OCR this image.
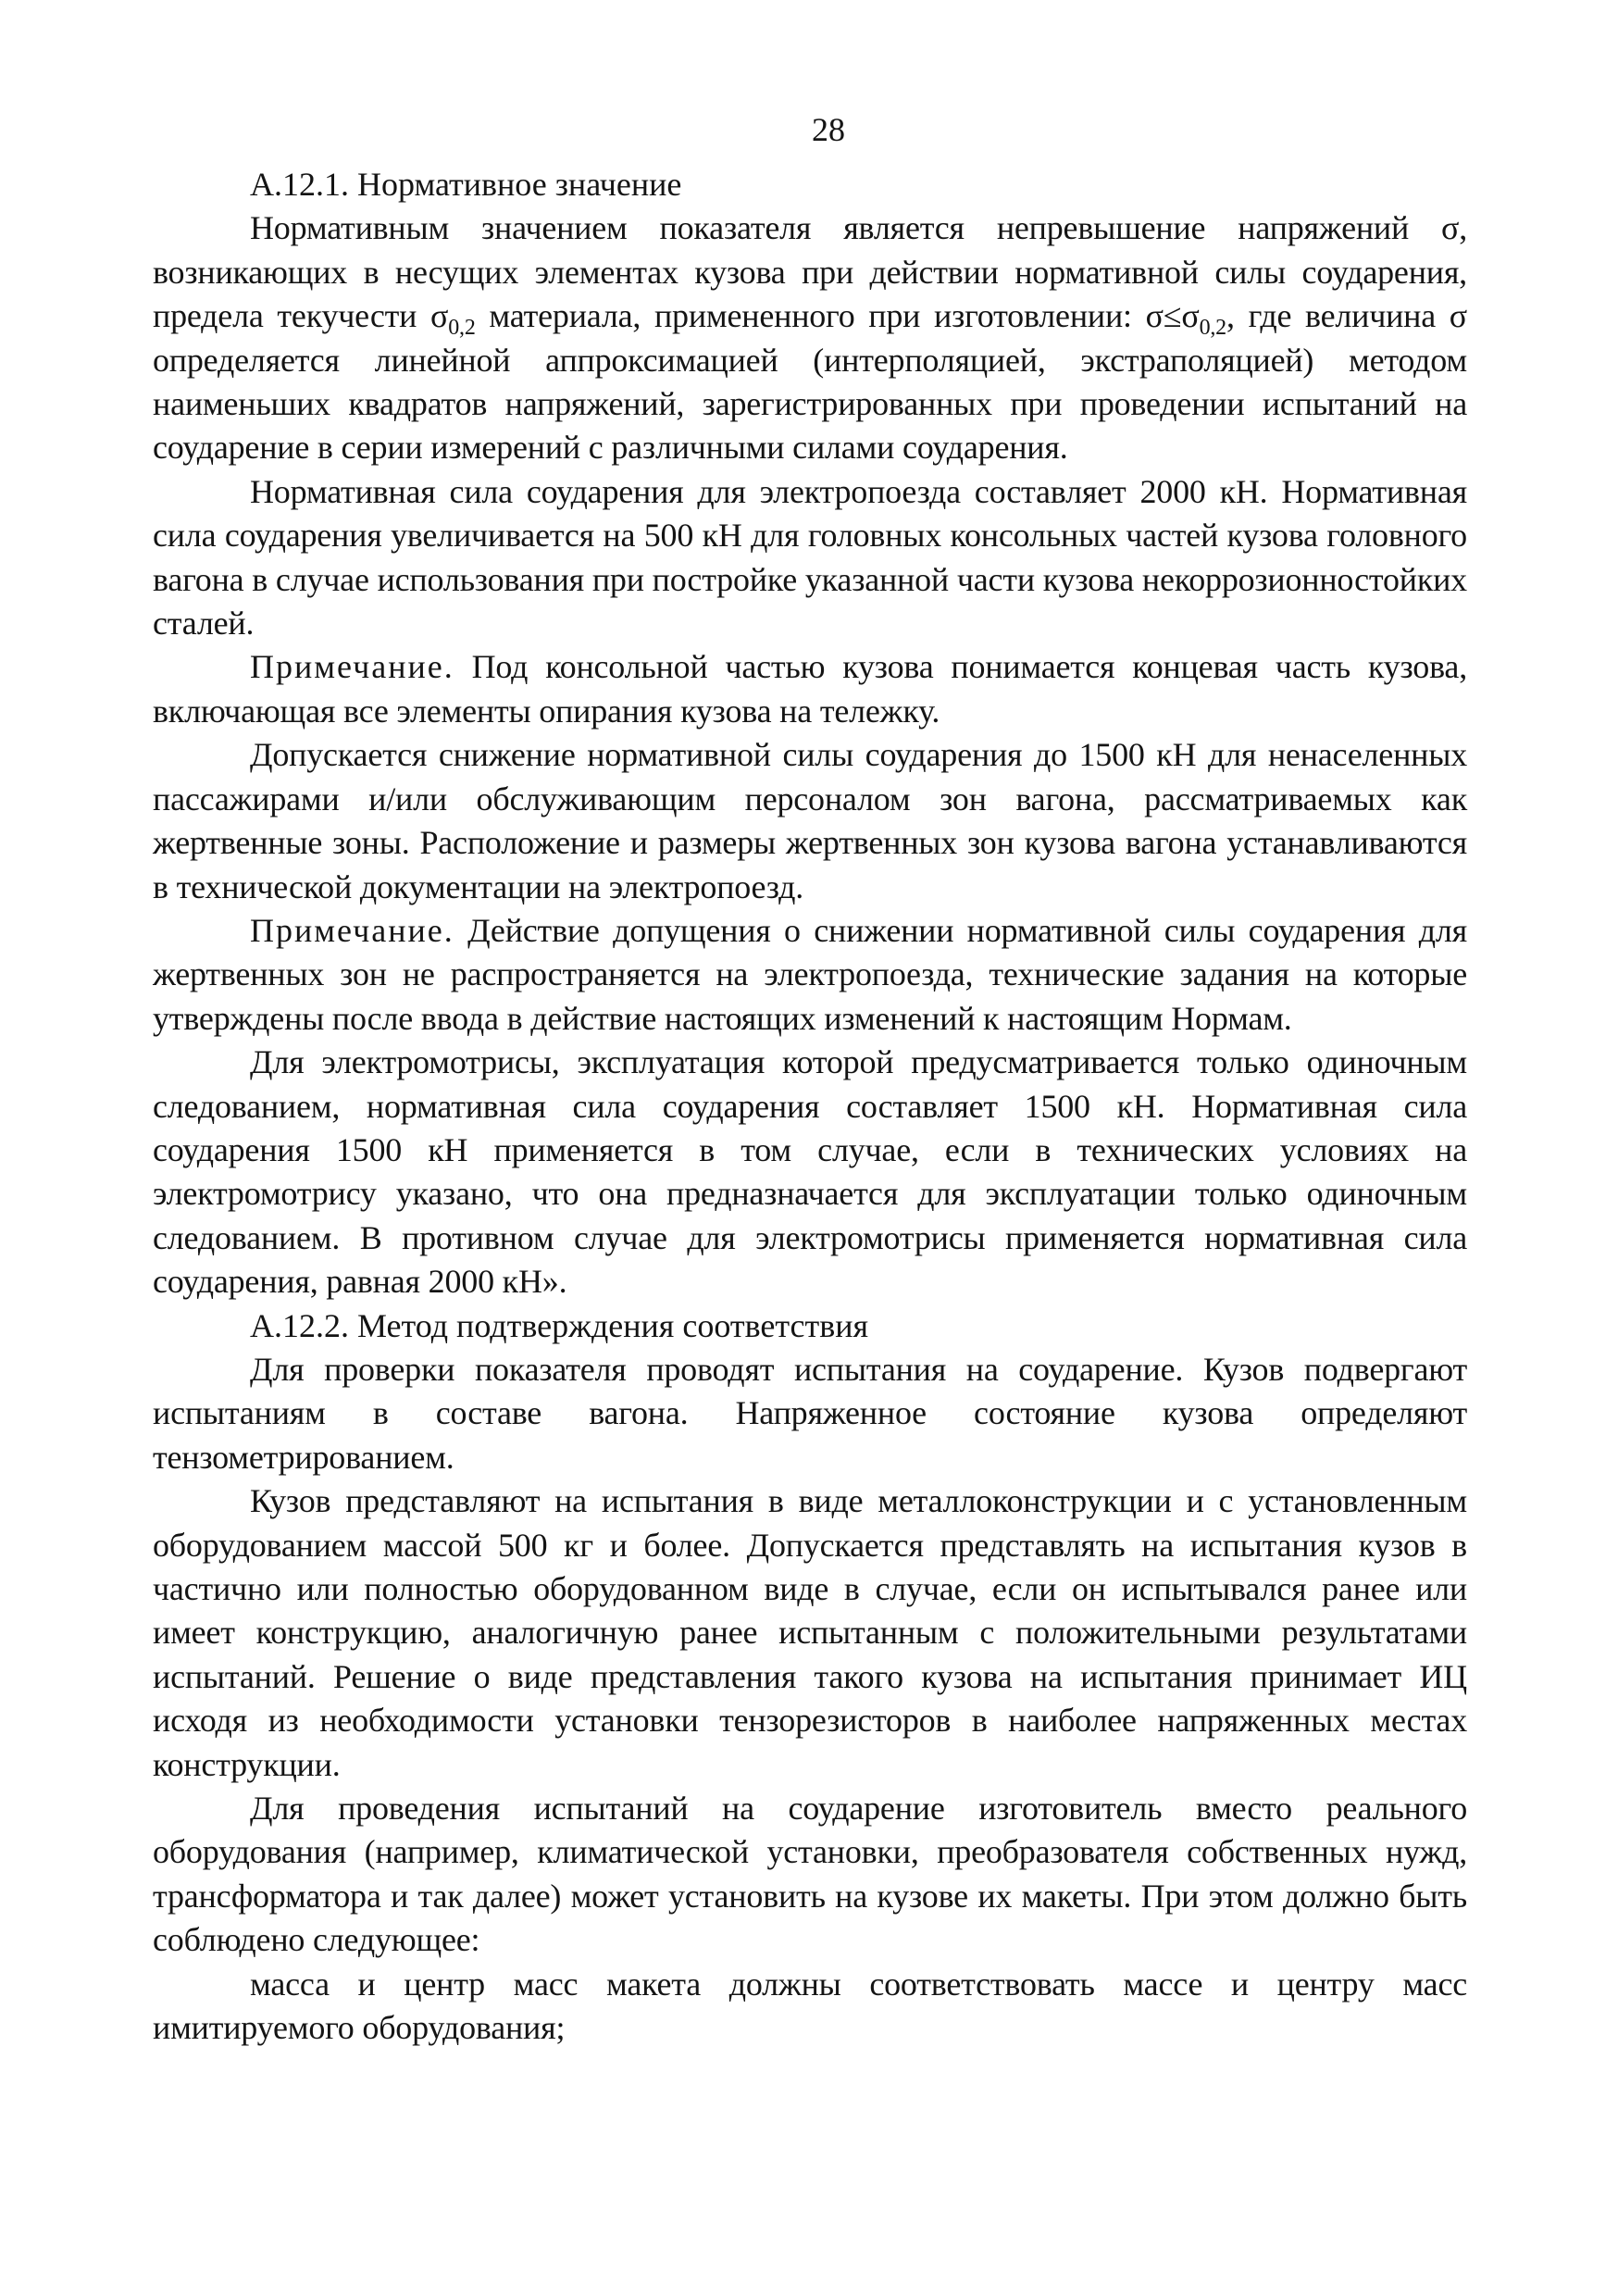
28

А.12.1. Нормативное значение

Нормативным значением показателя является непревышение напряжений σ, возникающих в несущих элементах кузова при действии нормативной силы соударения, предела текучести $\sigma_{0,2}$ материала, примененного при изготовлении: $\sigma\le\sigma_{0,2}$, где величина σ определяется линейной аппроксимацией (интерполяцией, экстраполяцией) методом наименьших квадратов напряжений, зарегистрированных при проведении испытаний на соударение в серии измерений с различными силами соударения.

Нормативная сила соударения для электропоезда составляет 2000 кН. Нормативная сила соударения увеличивается на 500 кН для головных консольных частей кузова головного вагона в случае использования при постройке указанной части кузова некоррозионностойких сталей.

Примечание. Под консольной частью кузова понимается концевая часть кузова, включающая все элементы опирания кузова на тележку.

Допускается снижение нормативной силы соударения до 1500 кН для ненаселенных пассажирами и/или обслуживающим персоналом зон вагона, рассматриваемых как жертвенные зоны. Расположение и размеры жертвенных зон кузова вагона устанавливаются в технической документации на электропоезд.

Примечание. Действие допущения о снижении нормативной силы соударения для жертвенных зон не распространяется на электропоезда, технические задания на которые утверждены после ввода в действие настоящих изменений к настоящим Нормам.

Для электромотрисы, эксплуатация которой предусматривается только одиночным следованием, нормативная сила соударения составляет 1500 кН. Нормативная сила соударения 1500 кН применяется в том случае, если в технических условиях на электромотрису указано, что она предназначается для эксплуатации только одиночным следованием. В противном случае для электромотрисы применяется нормативная сила соударения, равная 2000 кН».

А.12.2. Метод подтверждения соответствия

Для проверки показателя проводят испытания на соударение. Кузов подвергают испытаниям в составе вагона. Напряженное состояние кузова определяют тензометрированием.

Кузов представляют на испытания в виде металлоконструкции и с установленным оборудованием массой 500 кг и более. Допускается представлять на испытания кузов в частично или полностью оборудованном виде в случае, если он испытывался ранее или имеет конструкцию, аналогичную ранее испытанным с положительными результатами испытаний. Решение о виде представления такого кузова на испытания принимает ИЦ исходя из необходимости установки тензорезисторов в наиболее напряженных местах конструкции.

Для проведения испытаний на соударение изготовитель вместо реального оборудования (например, климатической установки, преобразователя собственных нужд, трансформатора и так далее) может установить на кузове их макеты. При этом должно быть соблюдено следующее:

масса и центр масс макета должны соответствовать массе и центру масс имитируемого оборудования;
